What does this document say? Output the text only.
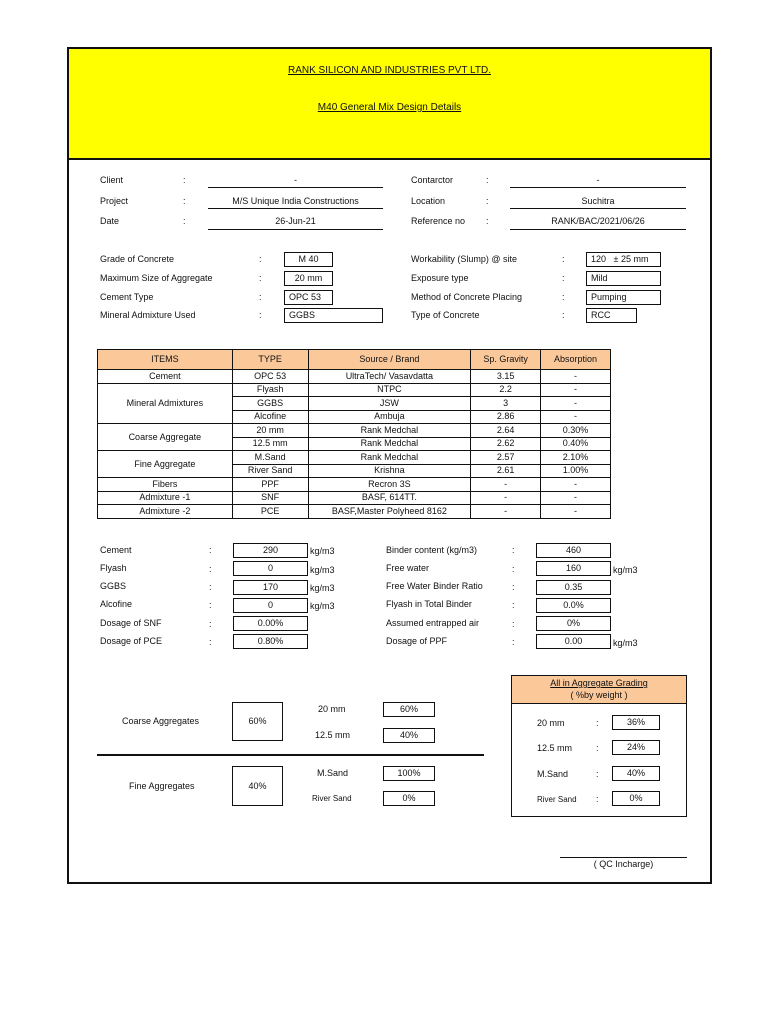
RANK SILICON AND INDUSTRIES PVT LTD.
M40 General Mix Design Details
Client	:	-
Project	:	M/S Unique India Constructions
Date	:	26-Jun-21
Contarctor	:	-
Location	:	Suchitra
Reference no :	RANK/BAC/2021/06/26
Grade of Concrete	:	M 40
Maximum Size of Aggregate	:	20 mm
Cement Type	:	OPC 53
Mineral Admixture Used	:	GGBS
Workability (Slump) @ site	:	120   ± 25 mm
Exposure type	:	Mild
Method of Concrete Placing	:	Pumping
Type of Concrete	:	RCC
ITEMS	TYPE	Source / Brand	Sp. Gravity	Absorption
Cement	OPC 53	UltraTech/ Vasavdatta	3.15	-
Mineral Admixtures	Flyash	NTPC	2.2	-
	GGBS	JSW	3	-
	Alcofine	Ambuja	2.86	-
Coarse Aggregate	20 mm	Rank Medchal	2.64	0.30%
	12.5 mm	Rank Medchal	2.62	0.40%
Fine Aggregate	M.Sand	Rank Medchal	2.57	2.10%
	River Sand	Krishna	2.61	1.00%
Fibers	PPF	Recron 3S	-	-
Admixture -1	SNF	BASF, 614TT.	-	-
Admixture -2	PCE	BASF,Master Polyheed 8162	-	-
Cement	:	290	kg/m3
Flyash	:	0	kg/m3
GGBS	:	170	kg/m3
Alcofine	:	0	kg/m3
Dosage of SNF	:	0.00%
Dosage of PCE	:	0.80%
Binder content (kg/m3)	:	460
Free water	:	160	kg/m3
Free Water Binder Ratio	:	0.35
Flyash in Total Binder	:	0.0%
Assumed entrapped air	:	0%
Dosage of PPF	:	0.00	kg/m3
Coarse Aggregates	60%
20 mm	60%
12.5 mm	40%
Fine Aggregates	40%
M.Sand	100%
River Sand	0%
All in Aggregate Grading
( %by weight )
20 mm	:	36%
12.5 mm	:	24%
M.Sand	:	40%
River Sand :	0%
( QC Incharge)
